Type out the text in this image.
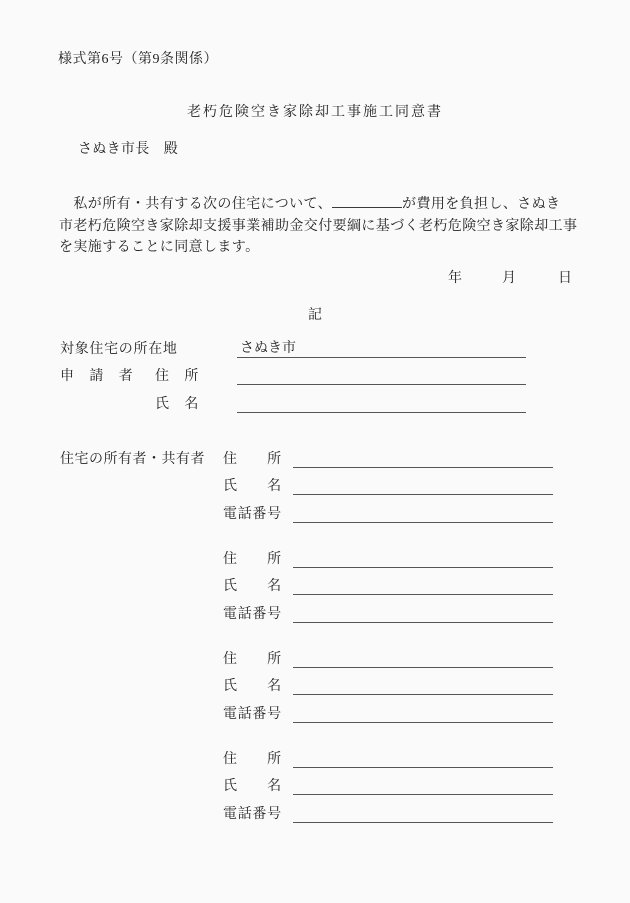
様式第6号（第9条関係）
老朽危険空き家除却工事施工同意書
さぬき市長　殿
　私が所有・共有する次の住宅について、	が費用を負担し、さぬき
市老朽危険空き家除却支援事業補助金交付要綱に基づく老朽危険空き家除却工事
を実施することに同意します。
年	月	日
記
対象住宅の所在地	さぬき市
申　請　者	住　所
氏　名
住宅の所有者・共有者	住　　所
氏　　名
電話番号
住　　所
氏　　名
電話番号
住　　所
氏　　名
電話番号
住　　所
氏　　名
電話番号
